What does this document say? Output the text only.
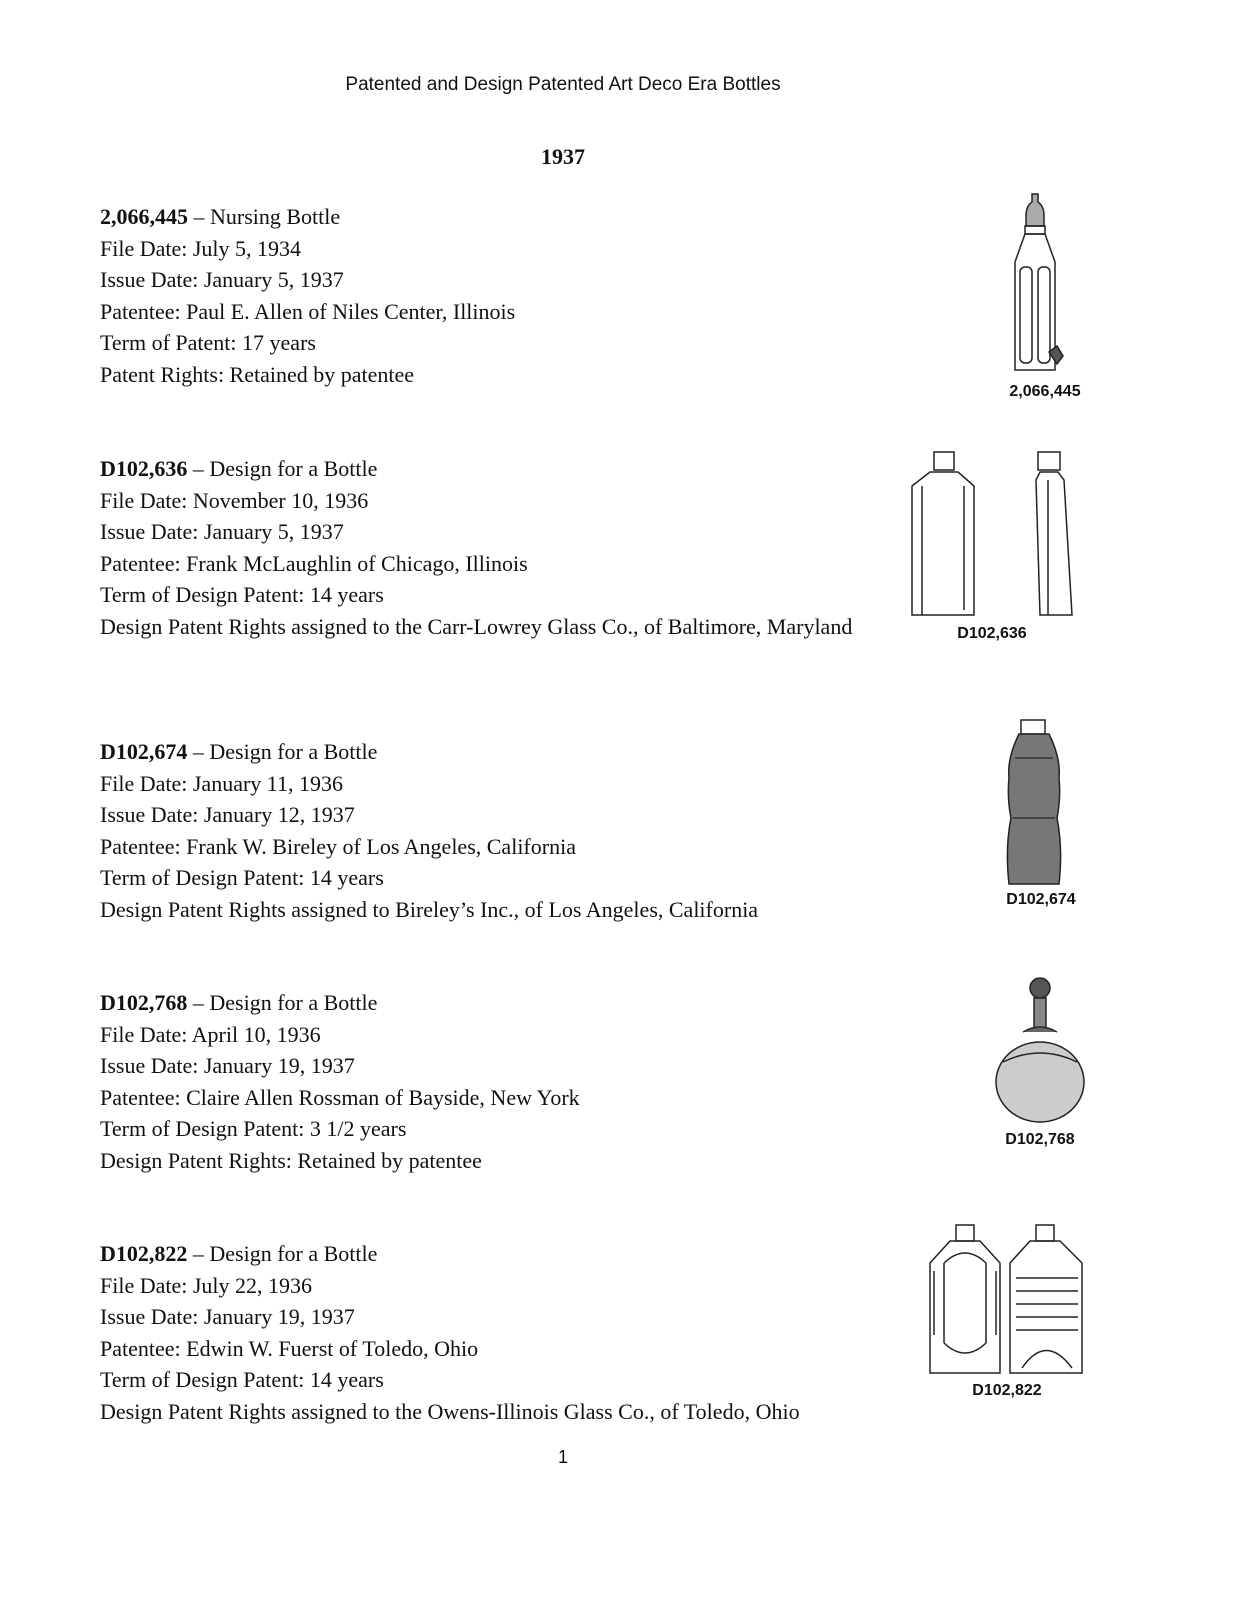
Patented and Design Patented Art Deco Era Bottles
1937
2,066,445 – Nursing Bottle
File Date: July 5, 1934
Issue Date: January 5, 1937
Patentee: Paul E. Allen of Niles Center, Illinois
Term of Patent: 17 years
Patent Rights: Retained by patentee
2,066,445
D102,636 – Design for a Bottle
File Date: November 10, 1936
Issue Date: January 5, 1937
Patentee: Frank McLaughlin of Chicago, Illinois
Term of Design Patent: 14 years
Design Patent Rights assigned to the Carr-Lowrey Glass Co., of Baltimore, Maryland	D102,636
D102,674 – Design for a Bottle
File Date: January 11, 1936
Issue Date: January 12, 1937
Patentee: Frank W. Bireley of Los Angeles, California
Term of Design Patent: 14 years
Design Patent Rights assigned to Bireley’s Inc., of Los Angeles, California	D102,674
D102,768 – Design for a Bottle
File Date: April 10, 1936
Issue Date: January 19, 1937
Patentee: Claire Allen Rossman of Bayside, New York
Term of Design Patent: 3 1/2 years
Design Patent Rights: Retained by patentee
D102,768
D102,822 – Design for a Bottle
File Date: July 22, 1936
Issue Date: January 19, 1937
Patentee: Edwin W. Fuerst of Toledo, Ohio
Term of Design Patent: 14 years
Design Patent Rights assigned to the Owens-Illinois Glass Co., of Toledo, Ohio
D102,822
1
